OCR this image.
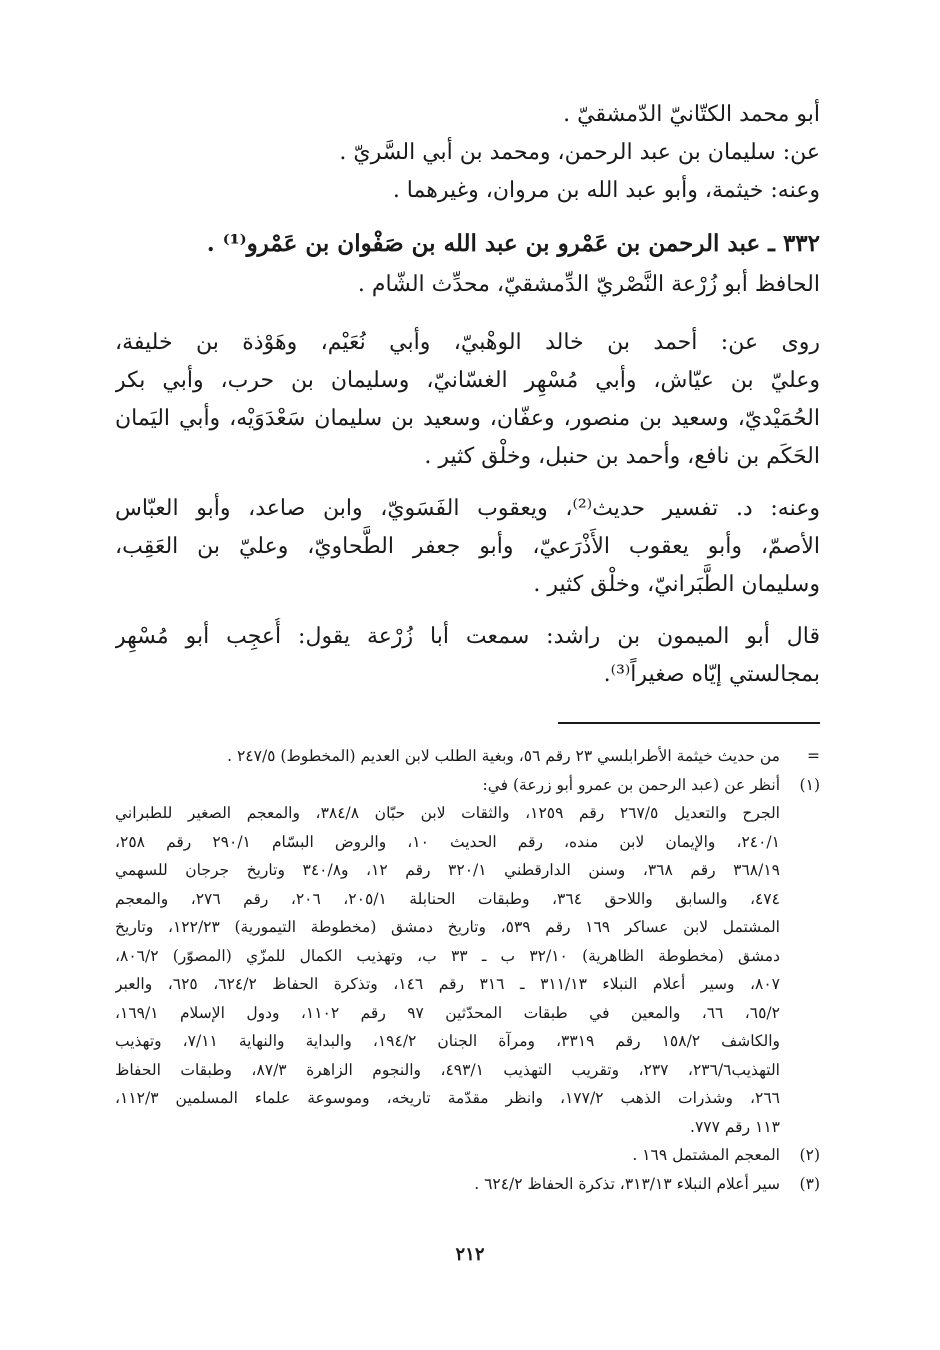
أبو محمد الكتّانيّ الدّمشقيّ .
عن: سليمان بن عبد الرحمن، ومحمد بن أبي السَّريّ .
وعنه: خيثمة، وأبو عبد الله بن مروان، وغيرهما .
٣٣٢ ـ عبد الرحمن بن عَمْرو بن عبد الله بن صَفْوان بن عَمْرو⁽¹⁾ .
الحافظ أبو زُرْعة النَّصْريّ الدِّمشقيّ، محدِّث الشّام .
روى عن: أحمد بن خالد الوهْبيّ، وأبي نُعَيْم، وهَوْذة بن خليفة،
وعليّ بن عيّاش، وأبي مُسْهِر الغسّانيّ، وسليمان بن حرب، وأبي بكر
الحُمَيْديّ، وسعيد بن منصور، وعفّان، وسعيد بن سليمان سَعْدَوَيْه، وأبي اليَمان
الحَكَم بن نافع، وأحمد بن حنبل، وخلْق كثير .
وعنه: د. تفسير حديث⁽²⁾، ويعقوب الفَسَويّ، وابن صاعد، وأبو العبّاس
الأصمّ، وأبو يعقوب الأَذْرَعيّ، وأبو جعفر الطَّحاويّ، وعليّ بن العَقِب،
وسليمان الطَّبَرانيّ، وخلْق كثير .
قال أبو الميمون بن راشد: سمعت أبا زُرْعة يقول: أُعجِب أبو مُسْهِر
بمجالستي إيّاه صغيراً⁽³⁾.
=
من حديث خيثمة الأطرابلسي ٢٣ رقم ٥٦، وبغية الطلب لابن العديم (المخطوط) ٢٤٧/٥ .
(١)
أنظر عن (عبد الرحمن بن عمرو أبو زرعة) في:
الجرح والتعديل ٢٦٧/٥ رقم ١٢٥٩، والثقات لابن حبّان ٣٨٤/٨، والمعجم الصغير للطبراني
٢٤٠/١، والإيمان لابن منده، رقم الحديث ١٠، والروض البسّام ٢٩٠/١ رقم ٢٥٨،
٣٦٨/١٩ رقم ٣٦٨، وسنن الدارقطني ٣٢٠/١ رقم ١٢، و٣٤٠/٨ وتاريخ جرجان للسهمي
٤٧٤، والسابق واللاحق ٣٦٤، وطبقات الحنابلة ٢٠٥/١، ٢٠٦، رقم ٢٧٦، والمعجم
المشتمل لابن عساكر ١٦٩ رقم ٥٣٩، وتاريخ دمشق (مخطوطة التيمورية) ١٢٢/٢٣، وتاريخ
دمشق (مخطوطة الظاهرية) ٣٢/١٠ ب ـ ٣٣ ب، وتهذيب الكمال للمزّي (المصوّر) ٨٠٦/٢،
٨٠٧، وسير أعلام النبلاء ٣١١/١٣ ـ ٣١٦ رقم ١٤٦، وتذكرة الحفاظ ٦٢٤/٢، ٦٢٥، والعبر
٦٥/٢، ٦٦، والمعين في طبقات المحدّثين ٩٧ رقم ١١٠٢، ودول الإسلام ١٦٩/١،
والكاشف ١٥٨/٢ رقم ٣٣١٩، ومرآة الجنان ١٩٤/٢، والبداية والنهاية ٧/١١، وتهذيب
التهذيب٢٣٦/٦، ٢٣٧، وتقريب التهذيب ٤٩٣/١، والنجوم الزاهرة ٨٧/٣، وطبقات الحفاظ
٢٦٦، وشذرات الذهب ١٧٧/٢، وانظر مقدّمة تاريخه، وموسوعة علماء المسلمين ١١٢/٣،
١١٣ رقم ٧٧٧.
(٢)
المعجم المشتمل ١٦٩ .
(٣)
سير أعلام النبلاء ٣١٣/١٣، تذكرة الحفاظ ٦٢٤/٢ .
٢١٢
